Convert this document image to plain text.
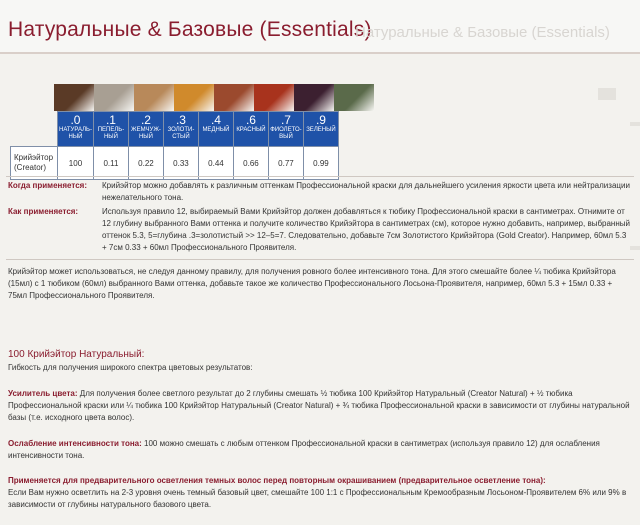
Натуральные & Базовые (Essentials)
Натуральные & Базовые (Essentials)

	.0
НАТУРАЛЬ-
НЫЙ	.1
ПЕПЕЛЬ-
НЫЙ	.2
ЖЕМЧУЖ-
НЫЙ	.3
ЗОЛОТИ-
СТЫЙ	.4
МЕДНЫЙ	.6
КРАСНЫЙ	.7
ФИОЛЕТО-
ВЫЙ	.9
ЗЕЛЕНЫЙ

Крийэйтор
(Creator)	100	0.11	0.22	0.33	0.44	0.66	0.77	0.99
Когда применяется: Крийэйтор можно добавлять к различным оттенкам Профессиональной краски для дальнейшего усиления яркости цвета или нейтрализации нежелательного тона.
Как применяется:	Используя правило 12, выбираемый Вами Крийэйтор должен добавляться к тюбику Профессиональной краски в сантиметрах. Отнимите от 12 глубину выбранного Вами оттенка и получите количество Крийэйтора в сантиметрах (см), которое нужно добавить, например, выбранный оттенок 5.3, 5=глубина .3=золотистый >> 12–5=7. Следовательно, добавьте 7см Золотистого Крийэйтора (Gold Creator). Например, 60мл 5.3 + 7см 0.33 + 60мл Профессионального Проявителя.
Крийэйтор может использоваться, не следуя данному правилу, для получения ровного более интенсивного тона. Для этого смешайте более ¼ тюбика Крийэйтора (15мл) с 1 тюбиком (60мл) выбранного Вами оттенка, добавьте такое же количество Профессионального Лосьона-Проявителя, например, 60мл 5.3 + 15мл 0.33 + 75мл Профессионального Проявителя.
100 Крийэйтор Натуральный:
Гибкость для получения широкого спектра цветовых результатов:
Усилитель цвета: Для получения более светлого результат до 2 глубины смешать ½ тюбика 100 Крийэйтор Натуральный (Creator Natural) + ½ тюбика Профессиональной краски или ¼ тюбика 100 Крийэйтор Натуральный (Creator Natural) + ¾ тюбика Профессиональной краски в зависимости от глубины натуральной базы (т.е. исходного цвета волос).
Ослабление интенсивности тона: 100 можно смешать с любым оттенком Профессиональной краски в сантиметрах (используя правило 12) для ослабления интенсивности тона.
Применяется для предварительного осветления темных волос перед повторным окрашиванием (предварительное осветление тона):
Если Вам нужно осветлить на 2-3 уровня очень темный базовый цвет, смешайте 100 1:1 с Профессиональным Кремообразным Лосьоном-Проявителем 6% или 9% в зависимости от глубины натурального базового цвета.
